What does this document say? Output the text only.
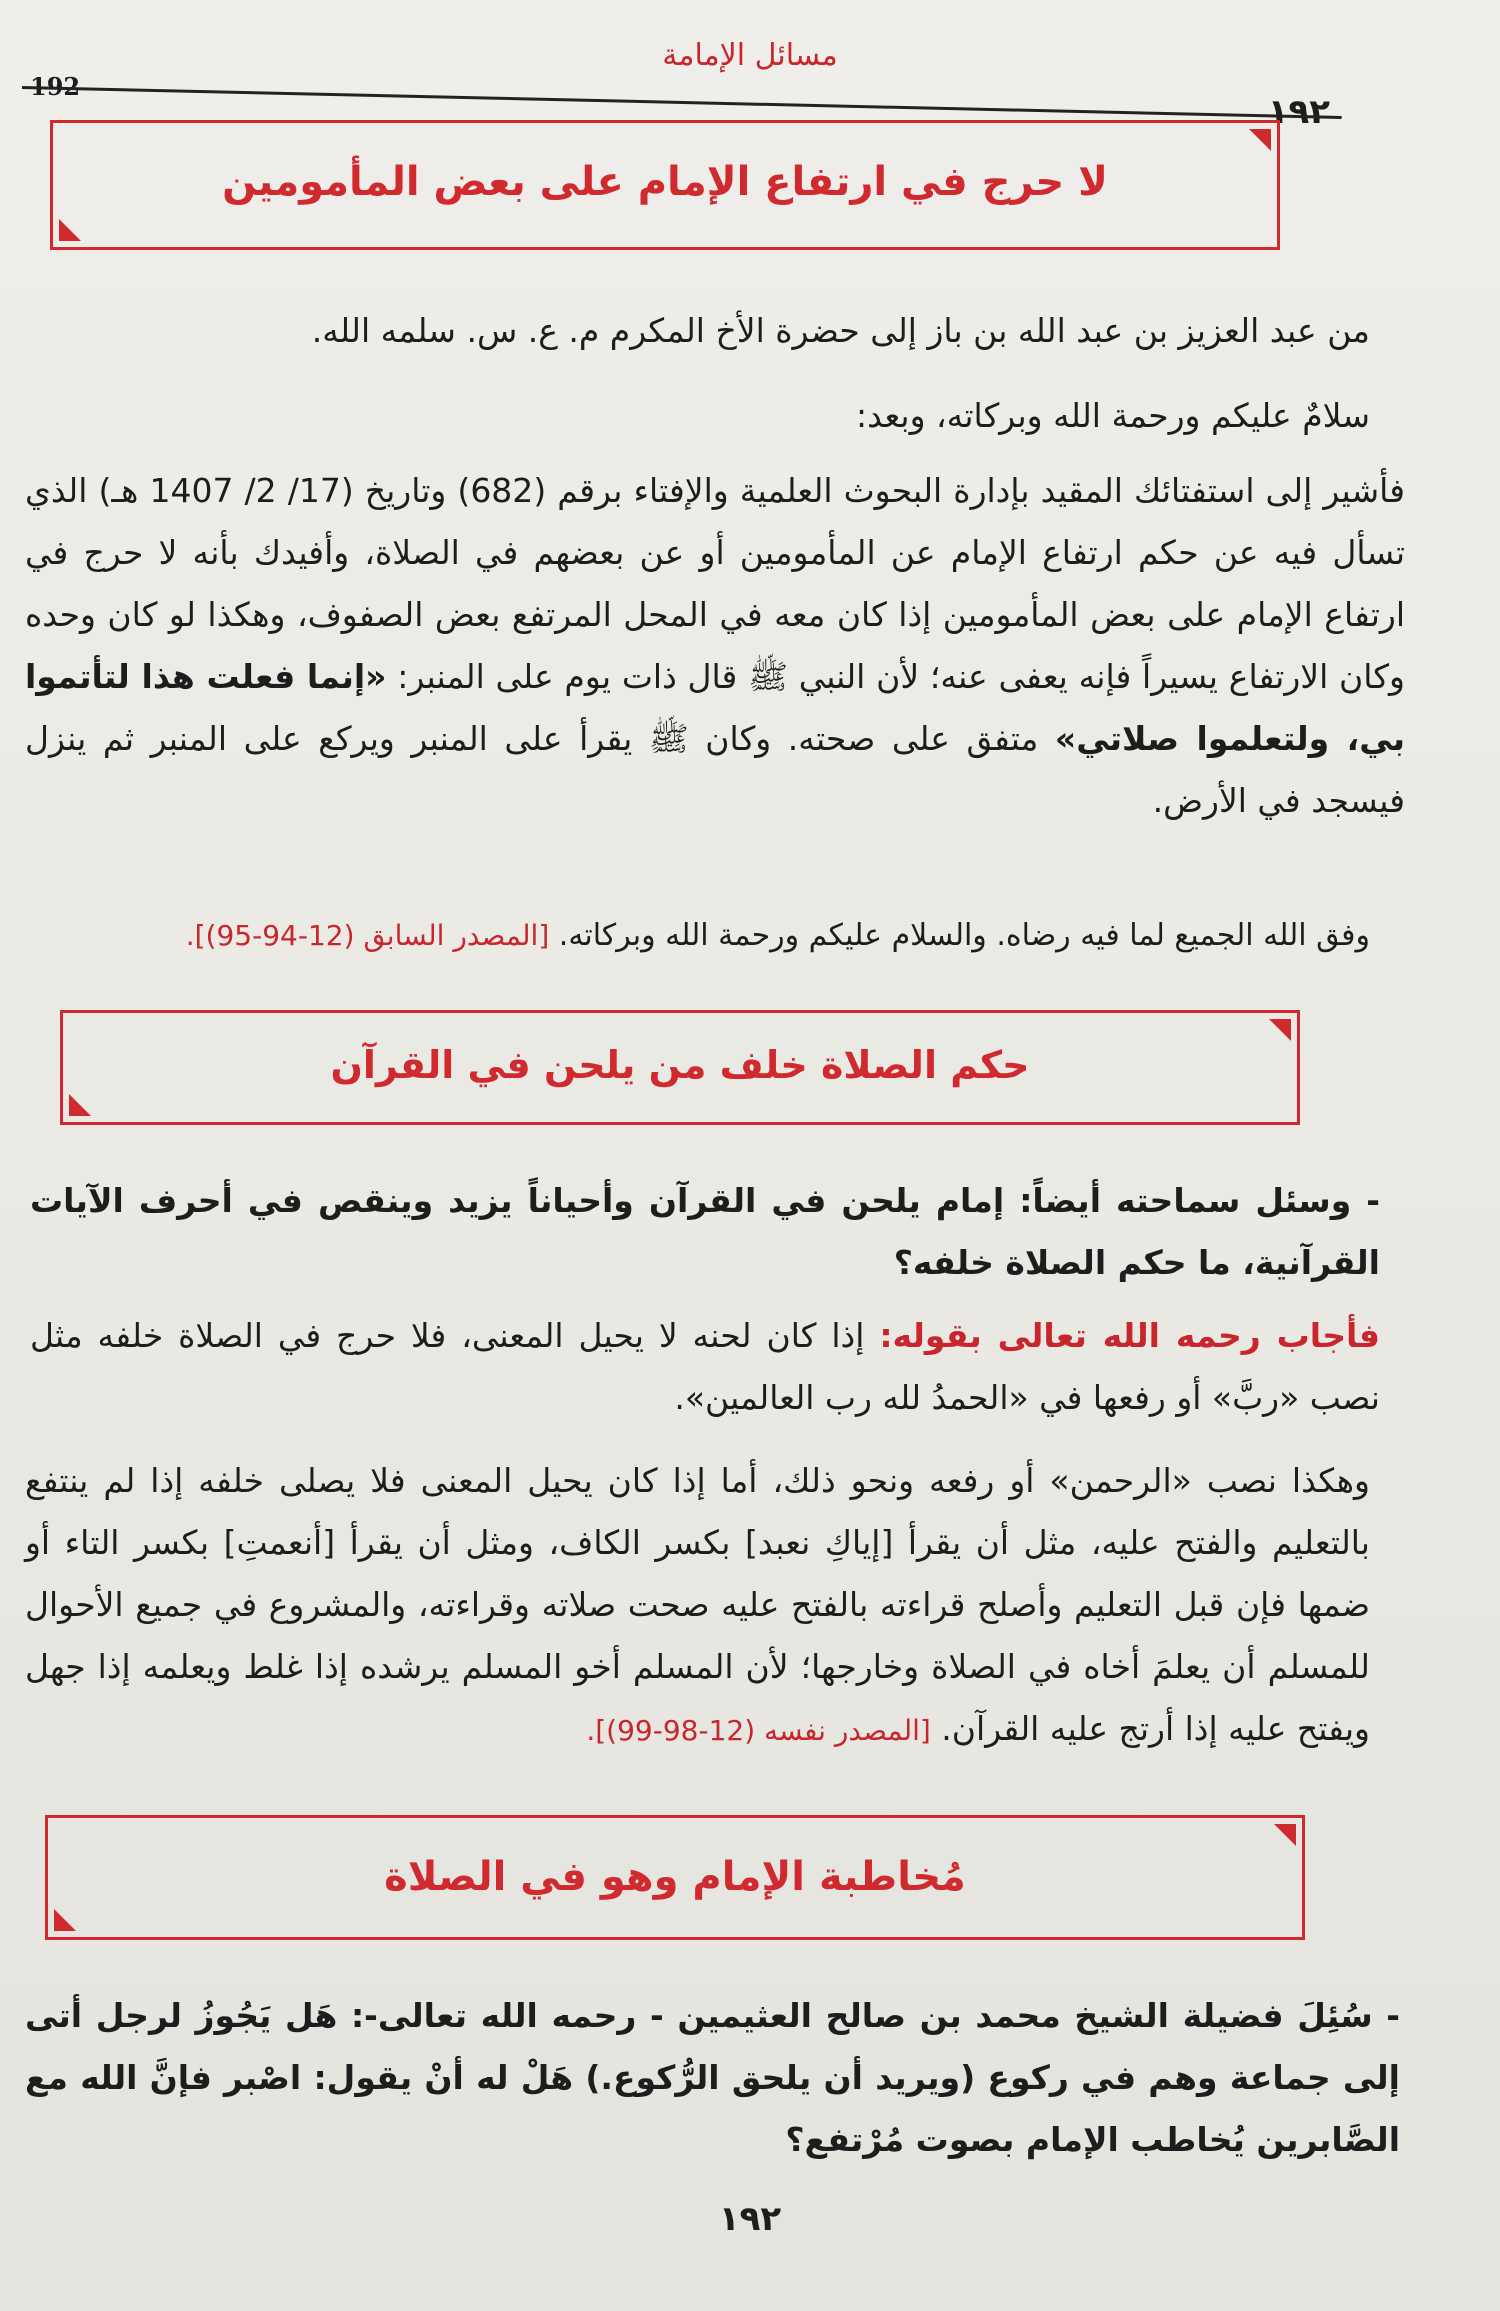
مسائل الإمامة
192
١٩٢
لا حرج في ارتفاع الإمام على بعض المأمومين
من عبد العزيز بن عبد الله بن باز إلى حضرة الأخ المكرم م. ع. س. سلمه الله.
سلامٌ عليكم ورحمة الله وبركاته، وبعد:
فأشير إلى استفتائك المقيد بإدارة البحوث العلمية والإفتاء برقم (682) وتاريخ (17/ 2/ 1407 هـ) الذي تسأل فيه عن حكم ارتفاع الإمام عن المأمومين أو عن بعضهم في الصلاة، وأفيدك بأنه لا حرج في ارتفاع الإمام على بعض المأمومين إذا كان معه في المحل المرتفع بعض الصفوف، وهكذا لو كان وحده وكان الارتفاع يسيراً فإنه يعفى عنه؛ لأن النبي ﷺ قال ذات يوم على المنبر: «إنما فعلت هذا لتأتموا بي، ولتعلموا صلاتي» متفق على صحته. وكان ﷺ يقرأ على المنبر ويركع على المنبر ثم ينزل فيسجد في الأرض.
وفق الله الجميع لما فيه رضاه. والسلام عليكم ورحمة الله وبركاته. [المصدر السابق (12-94-95)].
حكم الصلاة خلف من يلحن في القرآن
- وسئل سماحته أيضاً: إمام يلحن في القرآن وأحياناً يزيد وينقص في أحرف الآيات القرآنية، ما حكم الصلاة خلفه؟
فأجاب رحمه الله تعالى بقوله: إذا كان لحنه لا يحيل المعنى، فلا حرج في الصلاة خلفه مثل نصب «ربَّ» أو رفعها في «الحمدُ لله رب العالمين».
وهكذا نصب «الرحمن» أو رفعه ونحو ذلك، أما إذا كان يحيل المعنى فلا يصلى خلفه إذا لم ينتفع بالتعليم والفتح عليه، مثل أن يقرأ [إياكِ نعبد] بكسر الكاف، ومثل أن يقرأ [أنعمتِ] بكسر التاء أو ضمها فإن قبل التعليم وأصلح قراءته بالفتح عليه صحت صلاته وقراءته، والمشروع في جميع الأحوال للمسلم أن يعلمَ أخاه في الصلاة وخارجها؛ لأن المسلم أخو المسلم يرشده إذا غلط ويعلمه إذا جهل ويفتح عليه إذا أرتج عليه القرآن. [المصدر نفسه (12-98-99)].
مُخاطبة الإمام وهو في الصلاة
- سُئِلَ فضيلة الشيخ محمد بن صالح العثيمين - رحمه الله تعالى-: هَل يَجُوزُ لرجل أتى إلى جماعة وهم في ركوع (ويريد أن يلحق الرُّكوع.) هَلْ له أنْ يقول: اصْبر فإنَّ الله مع الصَّابرين يُخاطب الإمام بصوت مُرْتفع؟
١٩٢
